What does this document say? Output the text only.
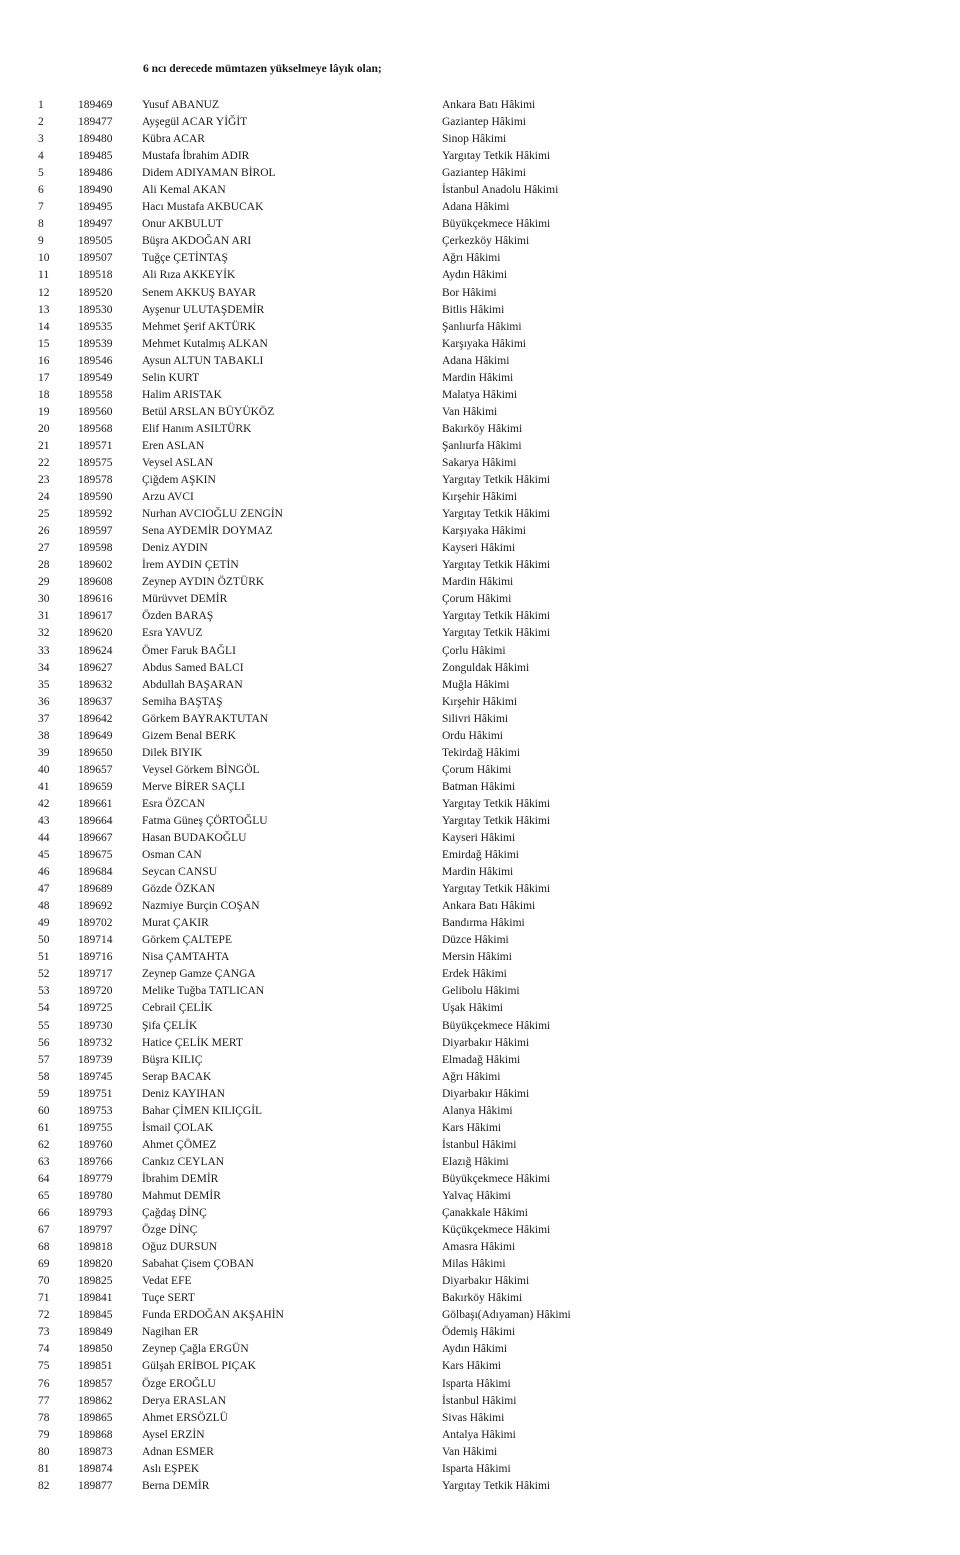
6 ncı derecede mümtazen yükselmeye lâyık olan;
1	189469	Yusuf ABANUZ	Ankara Batı Hâkimi
2	189477	Ayşegül ACAR YİĞİT	Gaziantep Hâkimi
3	189480	Kübra ACAR	Sinop Hâkimi
4	189485	Mustafa İbrahim ADIR	Yargıtay Tetkik Hâkimi
5	189486	Didem ADIYAMAN BİROL	Gaziantep Hâkimi
6	189490	Ali Kemal AKAN	İstanbul Anadolu Hâkimi
7	189495	Hacı Mustafa AKBUCAK	Adana Hâkimi
8	189497	Onur AKBULUT	Büyükçekmece Hâkimi
9	189505	Büşra AKDOĞAN ARI	Çerkezköy Hâkimi
10 189507	Tuğçe ÇETİNTAŞ	Ağrı Hâkimi
11	189518	Ali Rıza AKKEYİK	Aydın Hâkimi
12 189520	Senem AKKUŞ BAYAR	Bor Hâkimi
13 189530	Ayşenur ULUTAŞDEMİR	Bitlis Hâkimi
14 189535	Mehmet Şerif AKTÜRK	Şanlıurfa Hâkimi
15 189539	Mehmet Kutalmış ALKAN	Karşıyaka Hâkimi
16 189546	Aysun ALTUN TABAKLI	Adana Hâkimi
17 189549	Selin KURT	Mardin Hâkimi
18 189558	Halim ARISTAK	Malatya Hâkimi
19 189560	Betül ARSLAN BÜYÜKÖZ	Van Hâkimi
20 189568	Elif Hanım ASILTÜRK	Bakırköy Hâkimi
21 189571	Eren ASLAN	Şanlıurfa Hâkimi
22 189575	Veysel ASLAN	Sakarya Hâkimi
23 189578	Çiğdem AŞKIN	Yargıtay Tetkik Hâkimi
24 189590	Arzu AVCI	Kırşehir Hâkimi
25 189592	Nurhan AVCIOĞLU ZENGİN	Yargıtay Tetkik Hâkimi
26 189597	Sena AYDEMİR DOYMAZ	Karşıyaka Hâkimi
27 189598	Deniz AYDIN	Kayseri Hâkimi
28 189602	İrem AYDIN ÇETİN	Yargıtay Tetkik Hâkimi
29 189608	Zeynep AYDIN ÖZTÜRK	Mardin Hâkimi
30 189616	Mürüvvet DEMİR	Çorum Hâkimi
31 189617	Özden BARAŞ	Yargıtay Tetkik Hâkimi
32 189620	Esra YAVUZ	Yargıtay Tetkik Hâkimi
33 189624	Ömer Faruk BAĞLI	Çorlu Hâkimi
34 189627	Abdus Samed BALCI	Zonguldak Hâkimi
35 189632	Abdullah BAŞARAN	Muğla Hâkimi
36 189637	Semiha BAŞTAŞ	Kırşehir Hâkimi
37 189642	Görkem BAYRAKTUTAN	Silivri Hâkimi
38 189649	Gizem Benal BERK	Ordu Hâkimi
39 189650	Dilek BIYIK	Tekirdağ Hâkimi
40 189657	Veysel Görkem BİNGÖL	Çorum Hâkimi
41 189659	Merve BİRER SAÇLI	Batman Hâkimi
42 189661	Esra ÖZCAN	Yargıtay Tetkik Hâkimi
43 189664	Fatma Güneş ÇÖRTOĞLU	Yargıtay Tetkik Hâkimi
44 189667	Hasan BUDAKOĞLU	Kayseri Hâkimi
45 189675	Osman CAN	Emirdağ Hâkimi
46 189684	Seycan CANSU	Mardin Hâkimi
47 189689	Gözde ÖZKAN	Yargıtay Tetkik Hâkimi
48 189692	Nazmiye Burçin COŞAN	Ankara Batı Hâkimi
49 189702	Murat ÇAKIR	Bandırma Hâkimi
50 189714	Görkem ÇALTEPE	Düzce Hâkimi
51 189716	Nisa ÇAMTAHTA	Mersin Hâkimi
52 189717	Zeynep Gamze ÇANGA	Erdek Hâkimi
53 189720	Melike Tuğba TATLICAN	Gelibolu Hâkimi
54 189725	Cebrail ÇELİK	Uşak Hâkimi
55 189730	Şifa ÇELİK	Büyükçekmece Hâkimi
56 189732	Hatice ÇELİK MERT	Diyarbakır Hâkimi
57 189739	Büşra KILIÇ	Elmadağ Hâkimi
58 189745	Serap BACAK	Ağrı Hâkimi
59 189751	Deniz KAYIHAN	Diyarbakır Hâkimi
60 189753	Bahar ÇİMEN KILIÇGİL	Alanya Hâkimi
61 189755	İsmail ÇOLAK	Kars Hâkimi
62 189760	Ahmet ÇÖMEZ	İstanbul Hâkimi
63 189766	Cankız CEYLAN	Elazığ Hâkimi
64 189779	İbrahim DEMİR	Büyükçekmece Hâkimi
65 189780	Mahmut DEMİR	Yalvaç Hâkimi
66 189793	Çağdaş DİNÇ	Çanakkale Hâkimi
67 189797	Özge DİNÇ	Küçükçekmece Hâkimi
68 189818	Oğuz DURSUN	Amasra Hâkimi
69 189820	Sabahat Çisem ÇOBAN	Milas Hâkimi
70 189825	Vedat EFE	Diyarbakır Hâkimi
71 189841	Tuçe SERT	Bakırköy Hâkimi
72 189845	Funda ERDOĞAN AKŞAHİN	Gölbaşı(Adıyaman) Hâkimi
73 189849	Nagihan ER	Ödemiş Hâkimi
74 189850	Zeynep Çağla ERGÜN	Aydın Hâkimi
75 189851	Gülşah ERİBOL PIÇAK	Kars Hâkimi
76 189857	Özge EROĞLU	Isparta Hâkimi
77 189862	Derya ERASLAN	İstanbul Hâkimi
78 189865	Ahmet ERSÖZLÜ	Sivas Hâkimi
79 189868	Aysel ERZİN	Antalya Hâkimi
80 189873	Adnan ESMER	Van Hâkimi
81 189874	Aslı EŞPEK	Isparta Hâkimi
82 189877	Berna DEMİR	Yargıtay Tetkik Hâkimi
